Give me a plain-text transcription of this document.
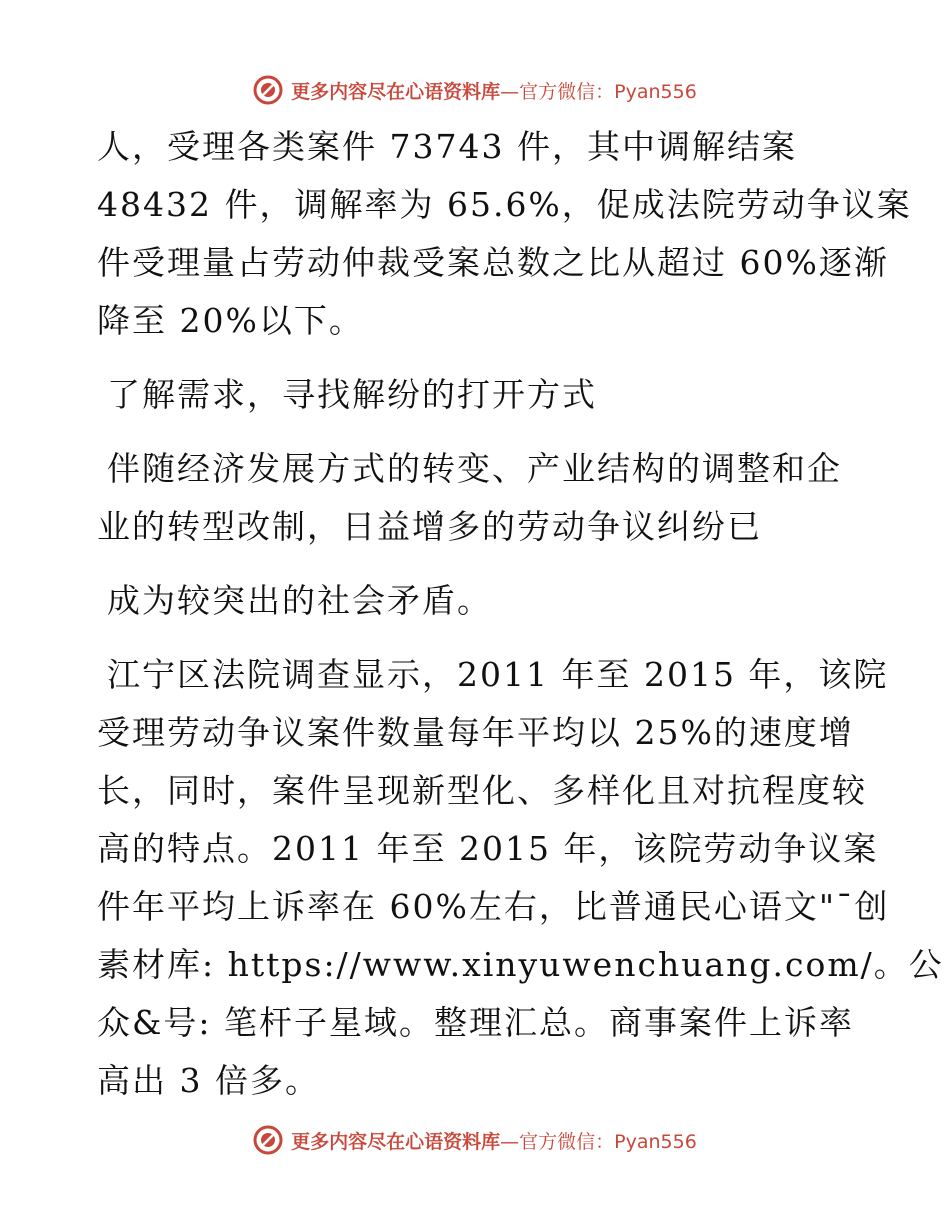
更多内容尽在心语资料库 —官方微信：Pyan556
人，受理各类案件 73743 件，其中调解结案
48432 件，调解率为 65.6%，促成法院劳动争议案
件受理量占劳动仲裁受案总数之比从超过 60%逐渐
降至 20%以下。
了解需求，寻找解纷的打开方式
伴随经济发展方式的转变、产业结构的调整和企
业的转型改制，日益增多的劳动争议纠纷已
成为较突出的社会矛盾。
江宁区法院调查显示，2011 年至 2015 年，该院
受理劳动争议案件数量每年平均以 25%的速度增
长，同时，案件呈现新型化、多样化且对抗程度较
高的特点。2011 年至 2015 年，该院劳动争议案
件年平均上诉率在 60%左右，比普通民心语文"¯创
素材库: https://www.xinyuwenchuang.com/。公
众&号: 笔杆子星域。整理汇总。商事案件上诉率
高出 3 倍多。
更多内容尽在心语资料库 —官方微信：Pyan556
